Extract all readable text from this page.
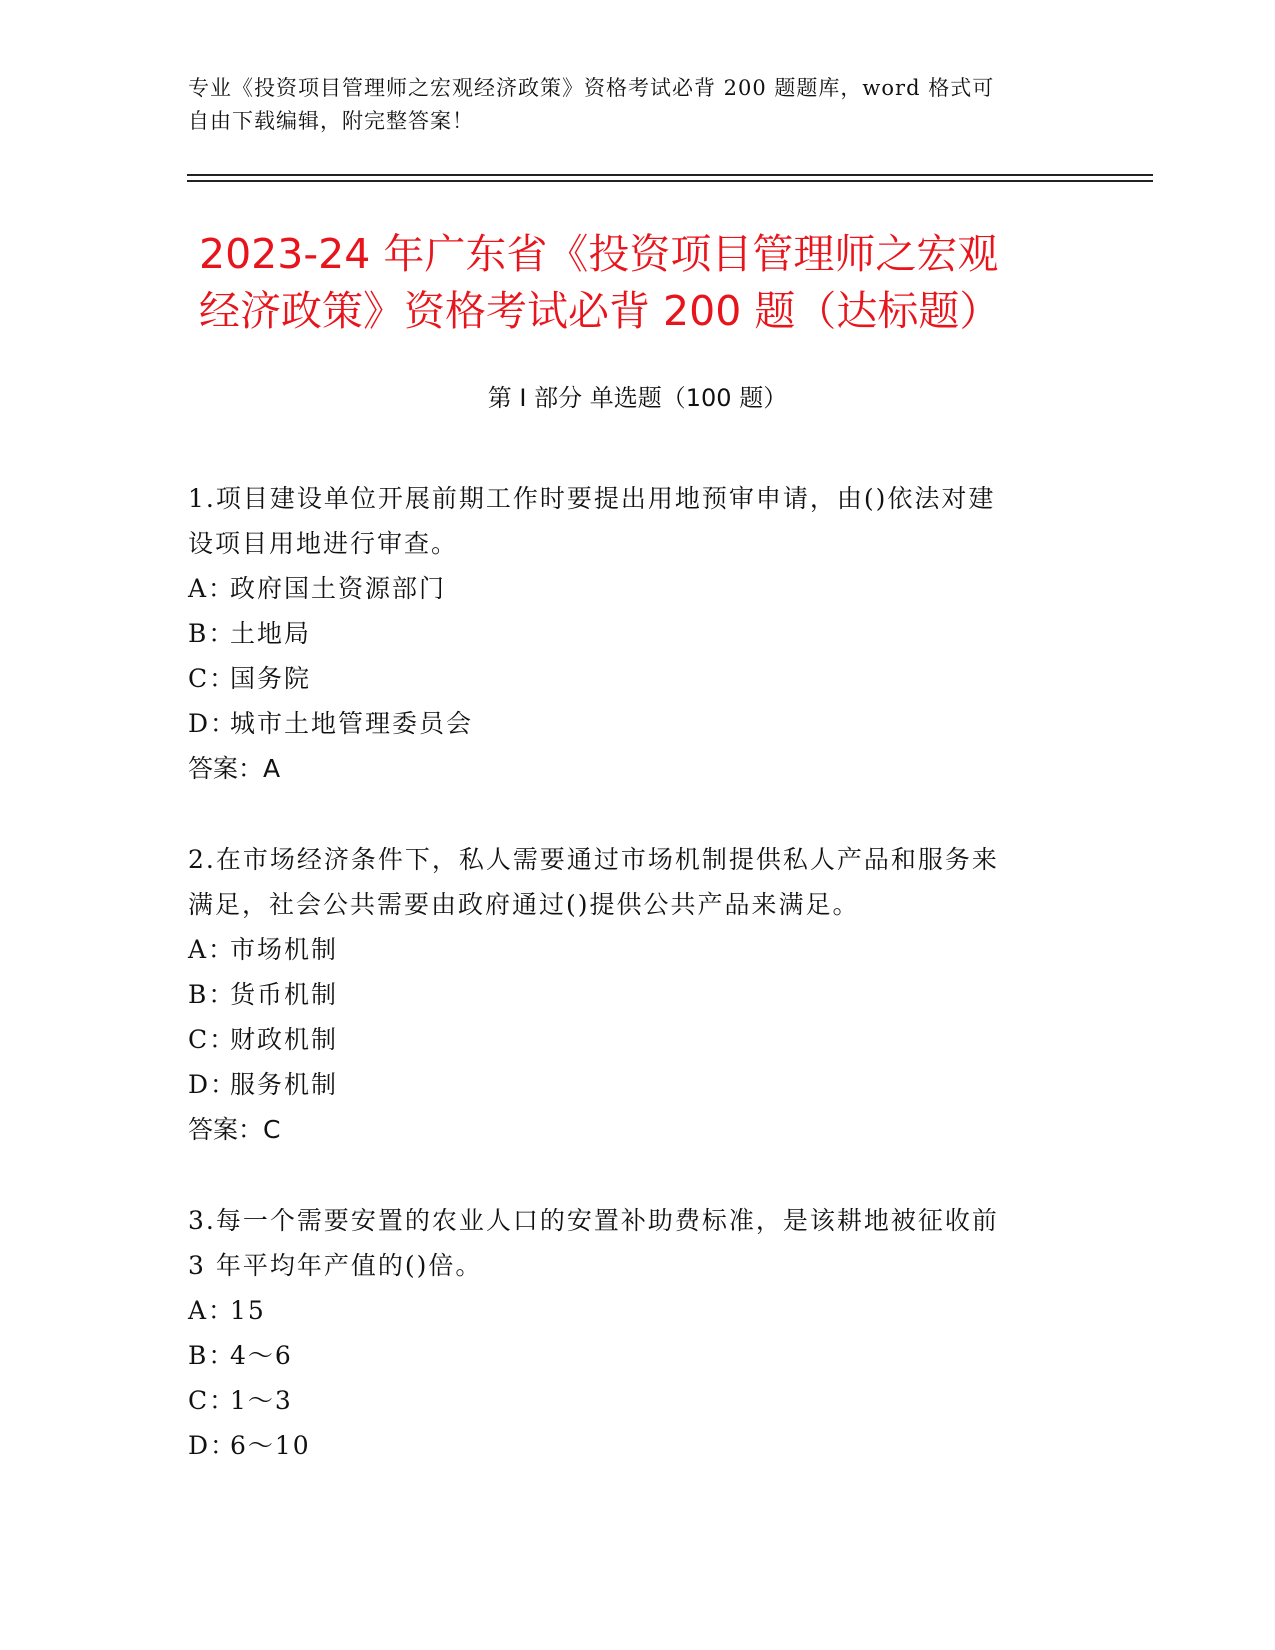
专业《投资项目管理师之宏观经济政策》资格考试必背 200 题题库，word 格式可
自由下载编辑，附完整答案！
2023-24 年广东省《投资项目管理师之宏观
经济政策》资格考试必背 200 题（达标题）
第 I 部分 单选题（100 题）

1.项目建设单位开展前期工作时要提出用地预审申请，由()依法对建

设项目用地进行审查。

A：
政府国土资源部门

B：
土地局

C：
国务院

D：
城市土地管理委员会

答案：A

2.在市场经济条件下，私人需要通过市场机制提供私人产品和服务来

满足，社会公共需要由政府通过()提供公共产品来满足。

A：
市场机制

B：
货币机制

C：
财政机制

D：
服务机制

答案：C

3.每一个需要安置的农业人口的安置补助费标准，是该耕地被征收前

3 年平均年产值的()倍。

A：
15

B：
4～6

C：
1～3

D：
6～10
